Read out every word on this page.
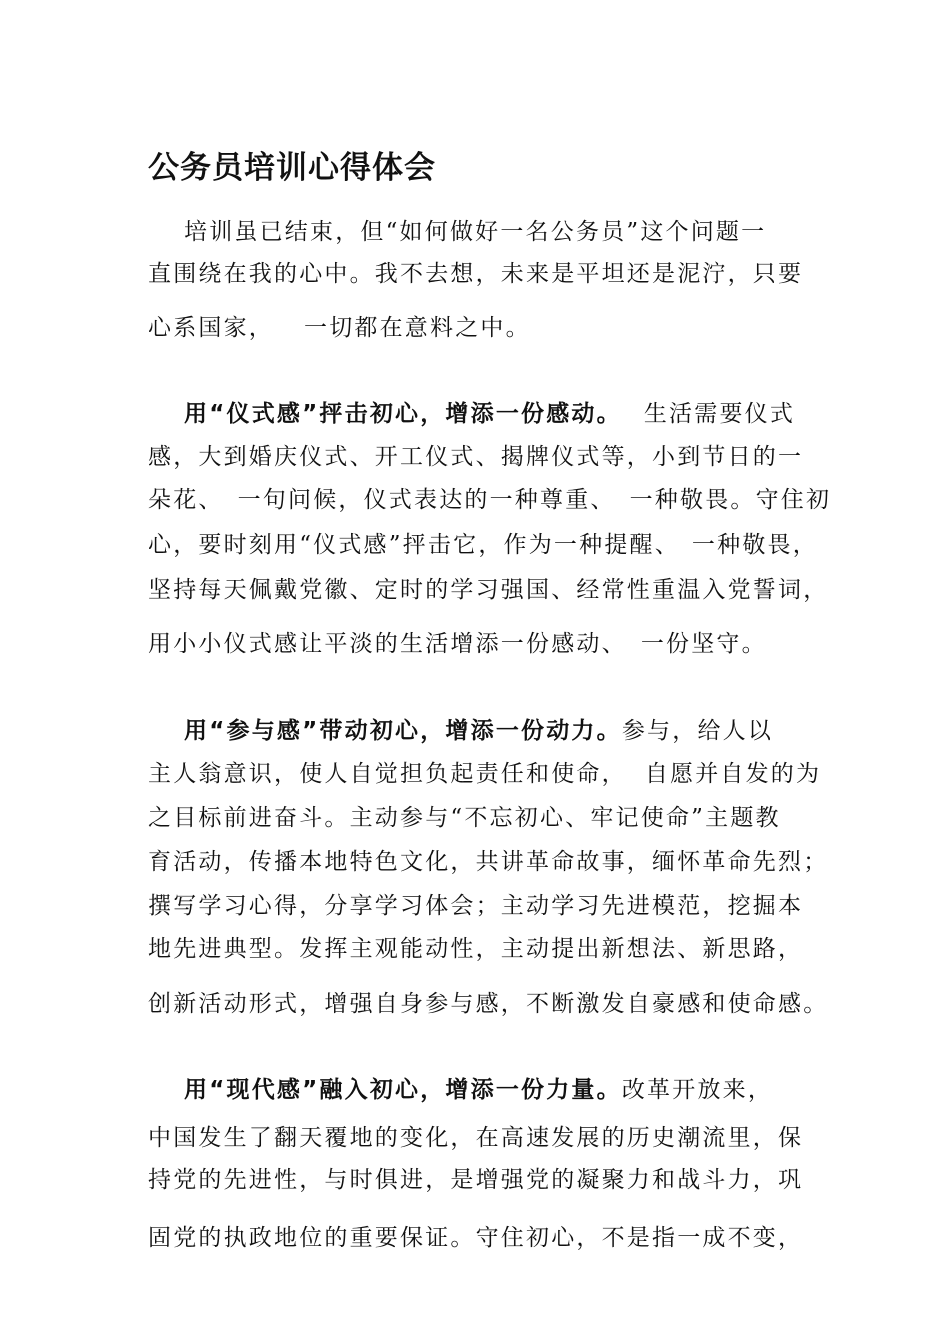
公务员培训心得体会
培训虽已结束，但“如何做好一名公务员”这个问题一
直围绕在我的心中。我不去想，未来是平坦还是泥泞，只要
心系国家， 一切都在意料之中。
用“仪式感”抨击初心，增添一份感动。 生活需要仪式
感，大到婚庆仪式、开工仪式、揭牌仪式等，小到节日的一
朵花、 一句问候，仪式表达的一种尊重、 一种敬畏。守住初
心，要时刻用“仪式感”抨击它，作为一种提醒、 一种敬畏，
坚持每天佩戴党徽、定时的学习强国、经常性重温入党誓词，
用小小仪式感让平淡的生活增添一份感动、 一份坚守。
用“参与感”带动初心，增添一份动力。参与，给人以
主人翁意识，使人自觉担负起责任和使命， 自愿并自发的为
之目标前进奋斗。主动参与“不忘初心、牢记使命”主题教
育活动，传播本地特色文化，共讲革命故事，缅怀革命先烈；
撰写学习心得，分享学习体会；主动学习先进模范，挖掘本
地先进典型。发挥主观能动性，主动提出新想法、新思路，
创新活动形式，增强自身参与感，不断激发自豪感和使命感。
用“现代感”融入初心，增添一份力量。改革开放来，
中国发生了翻天覆地的变化，在高速发展的历史潮流里，保
持党的先进性，与时俱进，是增强党的凝聚力和战斗力，巩
固党的执政地位的重要保证。守住初心，不是指一成不变，
